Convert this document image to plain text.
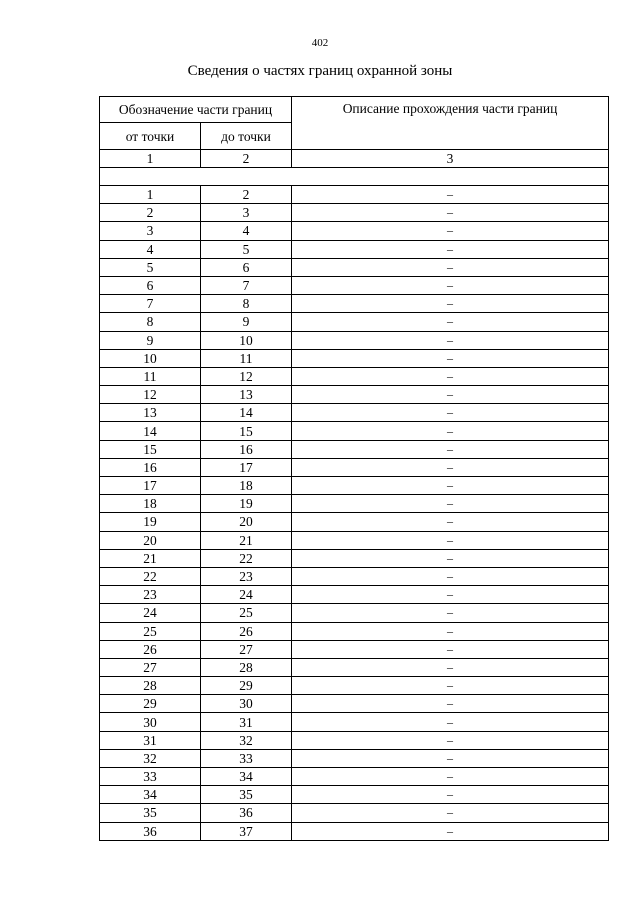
402
Сведения о частях границ охранной зоны
Обозначение части границ		Описание прохождения части границ
от точки	до точки	
1	2	3

1	2	–
2	3	–
3	4	–
4	5	–
5	6	–
6	7	–
7	8	–
8	9	–
9	10	–
10	11	–
11	12	–
12	13	–
13	14	–
14	15	–
15	16	–
16	17	–
17	18	–
18	19	–
19	20	–
20	21	–
21	22	–
22	23	–
23	24	–
24	25	–
25	26	–
26	27	–
27	28	–
28	29	–
29	30	–
30	31	–
31	32	–
32	33	–
33	34	–
34	35	–
35	36	–
36	37	–
